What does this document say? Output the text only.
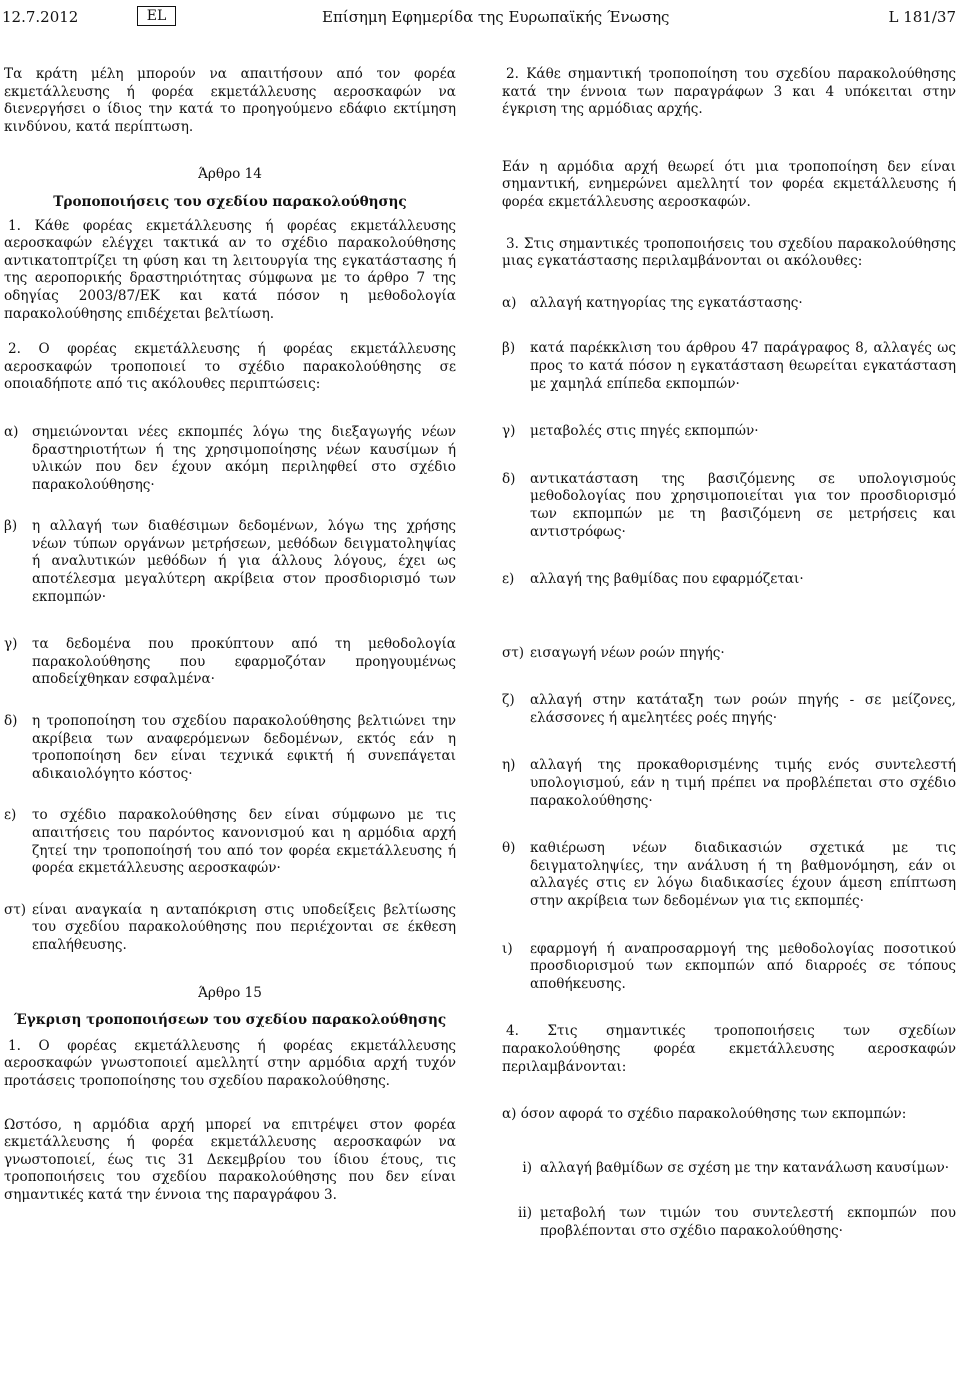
12.7.2012	EL	Επίσημη Εφημερίδα της Ευρωπαϊκής Ένωσης	L 181/37

Τα κράτη μέλη μπορούν να απαιτήσουν από τον φορέα εκμετάλλευσης ή φορέα εκμετάλλευσης αεροσκαφών να διενεργήσει ο ίδιος την κατά το προηγούμενο εδάφιο εκτίμηση κινδύνου, κατά περίπτωση.

Άρθρο 14

Τροποποιήσεις του σχεδίου παρακολούθησης

1. Κάθε φορέας εκμετάλλευσης ή φορέας εκμετάλλευσης αεροσκαφών ελέγχει τακτικά αν το σχέδιο παρακολούθησης αντικατοπτρίζει τη φύση και τη λειτουργία της εγκατάστασης ή της αεροπορικής δραστηριότητας σύμφωνα με το άρθρο 7 της οδηγίας 2003/87/ΕΚ και κατά πόσον η μεθοδολογία παρακολούθησης επιδέχεται βελτίωση.

2. Ο φορέας εκμετάλλευσης ή φορέας εκμετάλλευσης αεροσκαφών τροποποιεί το σχέδιο παρακολούθησης σε οποιαδήποτε από τις ακόλουθες περιπτώσεις:

α) σημειώνονται νέες εκπομπές λόγω της διεξαγωγής νέων δραστηριοτήτων ή της χρησιμοποίησης νέων καυσίμων ή υλικών που δεν έχουν ακόμη περιληφθεί στο σχέδιο παρακολούθησης·
β)	η αλλαγή των διαθέσιμων δεδομένων, λόγω της χρήσης νέων τύπων οργάνων μετρήσεων, μεθόδων δειγματοληψίας ή αναλυτικών μεθόδων ή για άλλους λόγους, έχει ως αποτέλεσμα μεγαλύτερη ακρίβεια στον προσδιορισμό των εκπομπών·
γ)	τα δεδομένα που προκύπτουν από τη μεθοδολογία παρακολούθησης που εφαρμοζόταν προηγουμένως αποδείχθηκαν εσφαλμένα·
δ)	η τροποποίηση του σχεδίου παρακολούθησης βελτιώνει την ακρίβεια των αναφερόμενων δεδομένων, εκτός εάν η τροποποίηση δεν είναι τεχνικά εφικτή ή συνεπάγεται αδικαιολόγητο κόστος·
ε)	το σχέδιο παρακολούθησης δεν είναι σύμφωνο με τις απαιτήσεις του παρόντος κανονισμού και η αρμόδια αρχή ζητεί την τροποποίησή του από τον φορέα εκμετάλλευσης ή φορέα εκμετάλλευσης αεροσκαφών·
στ) είναι αναγκαία η ανταπόκριση στις υποδείξεις βελτίωσης του σχεδίου παρακολούθησης που περιέχονται σε έκθεση επαλήθευσης.

Άρθρο 15

Έγκριση τροποποιήσεων του σχεδίου παρακολούθησης

1. Ο φορέας εκμετάλλευσης ή φορέας εκμετάλλευσης αεροσκαφών γνωστοποιεί αμελλητί στην αρμόδια αρχή τυχόν προτάσεις τροποποίησης του σχεδίου παρακολούθησης.

Ωστόσο, η αρμόδια αρχή μπορεί να επιτρέψει στον φορέα εκμετάλλευσης ή φορέα εκμετάλλευσης αεροσκαφών να γνωστοποιεί, έως τις 31 Δεκεμβρίου του ίδιου έτους, τις τροποποιήσεις του σχεδίου παρακολούθησης που δεν είναι σημαντικές κατά την έννοια της παραγράφου 3.

2. Κάθε σημαντική τροποποίηση του σχεδίου παρακολούθησης κατά την έννοια των παραγράφων 3 και 4 υπόκειται στην έγκριση της αρμόδιας αρχής.

Εάν η αρμόδια αρχή θεωρεί ότι μια τροποποίηση δεν είναι σημαντική, ενημερώνει αμελλητί τον φορέα εκμετάλλευσης ή φορέα εκμετάλλευσης αεροσκαφών.

3. Στις σημαντικές τροποποιήσεις του σχεδίου παρακολούθησης μιας εγκατάστασης περιλαμβάνονται οι ακόλουθες:

α) αλλαγή κατηγορίας της εγκατάστασης·
β)	κατά παρέκκλιση του άρθρου 47 παράγραφος 8, αλλαγές ως προς το κατά πόσον η εγκατάσταση θεωρείται εγκατάσταση με χαμηλά επίπεδα εκπομπών·
γ)	μεταβολές στις πηγές εκπομπών·
δ)	αντικατάσταση της βασιζόμενης σε υπολογισμούς μεθοδολογίας που χρησιμοποιείται για τον προσδιορισμό των εκπομπών με τη βασιζόμενη σε μετρήσεις και αντιστρόφως·
ε)	αλλαγή της βαθμίδας που εφαρμόζεται·
στ) εισαγωγή νέων ροών πηγής·
ζ)	αλλαγή στην κατάταξη των ροών πηγής - σε μείζονες, ελάσσονες ή αμελητέες ροές πηγής·
η)	αλλαγή της προκαθορισμένης τιμής ενός συντελεστή υπολογισμού, εάν η τιμή πρέπει να προβλέπεται στο σχέδιο παρακολούθησης·
θ)	καθιέρωση νέων διαδικασιών σχετικά με τις δειγματοληψίες, την ανάλυση ή τη βαθμονόμηση, εάν οι αλλαγές στις εν λόγω διαδικασίες έχουν άμεση επίπτωση στην ακρίβεια των δεδομένων για τις εκπομπές·
ι)	εφαρμογή ή αναπροσαρμογή της μεθοδολογίας ποσοτικού προσδιορισμού των εκπομπών από διαρροές σε τόπους αποθήκευσης.

4. Στις σημαντικές τροποποιήσεις των σχεδίων παρακολούθησης φορέα εκμετάλλευσης αεροσκαφών περιλαμβάνονται:

α) όσον αφορά το σχέδιο παρακολούθησης των εκπομπών:

i) αλλαγή βαθμίδων σε σχέση με την κατανάλωση καυσίμων·
ii) μεταβολή των τιμών του συντελεστή εκπομπών που προβλέπονται στο σχέδιο παρακολούθησης·
